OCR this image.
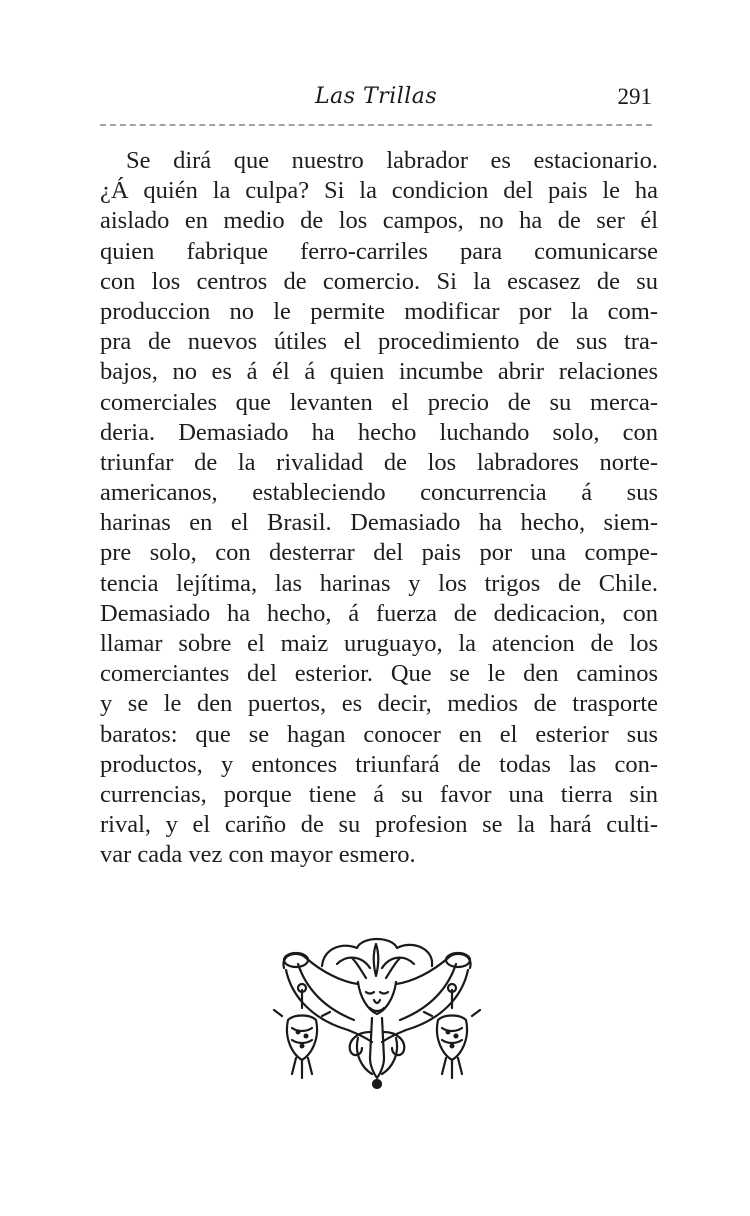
Las Trillas	291
Se dirá que nuestro labrador es estacionario.
¿Á quién la culpa? Si la condicion del pais le ha
aislado en medio de los campos, no ha de ser él
quien fabrique ferro-carriles para comunicarse
con los centros de comercio. Si la escasez de su
produccion no le permite modificar por la com-
pra de nuevos útiles el procedimiento de sus tra-
bajos, no es á él á quien incumbe abrir relaciones
comerciales que levanten el precio de su merca-
deria. Demasiado ha hecho luchando solo, con
triunfar de la rivalidad de los labradores norte-
americanos, estableciendo concurrencia á sus
harinas en el Brasil. Demasiado ha hecho, siem-
pre solo, con desterrar del pais por una compe-
tencia lejítima, las harinas y los trigos de Chile.
Demasiado ha hecho, á fuerza de dedicacion, con
llamar sobre el maiz uruguayo, la atencion de los
comerciantes del esterior. Que se le den caminos
y se le den puertos, es decir, medios de trasporte
baratos: que se hagan conocer en el esterior sus
productos, y entonces triunfará de todas las con-
currencias, porque tiene á su favor una tierra sin
rival, y el cariño de su profesion se la hará culti-
var cada vez con mayor esmero.
